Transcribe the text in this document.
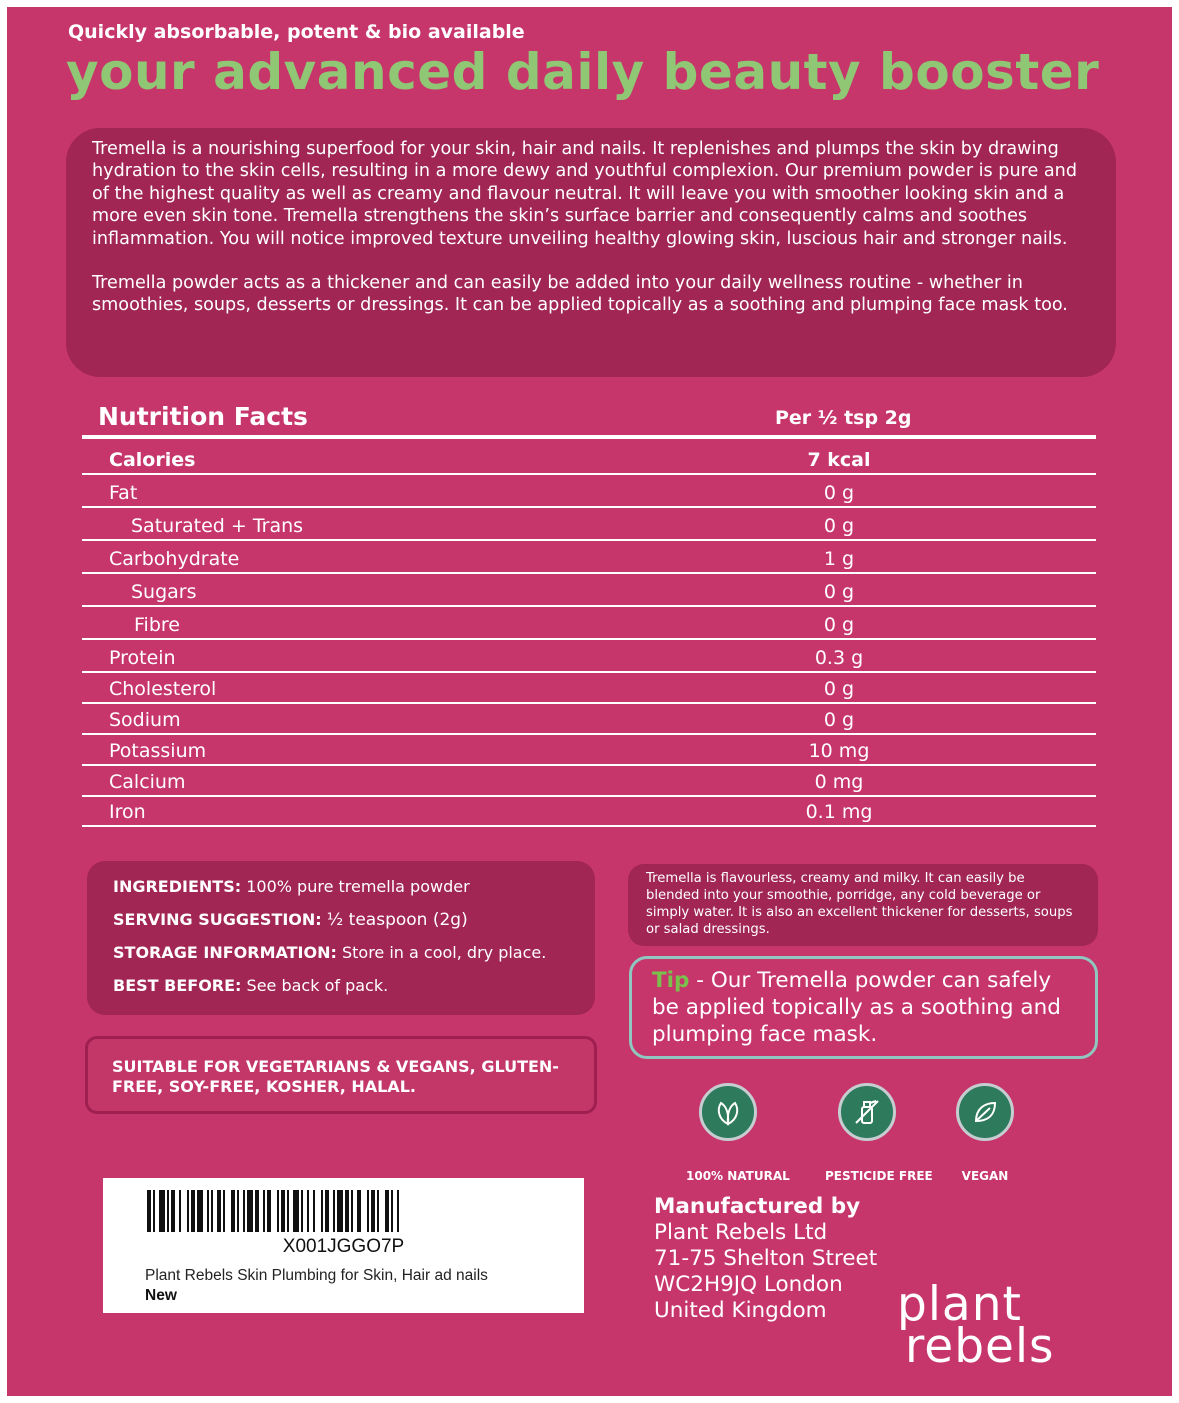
Quickly absorbable, potent & bio available
your advanced daily beauty booster

Tremella is a nourishing superfood for your skin, hair and nails. It replenishes and plumps the skin by drawing hydration to the skin cells, resulting in a more dewy and youthful complexion. Our premium powder is pure and of the highest quality as well as creamy and flavour neutral. It will leave you with smoother looking skin and a more even skin tone. Tremella strengthens the skin’s surface barrier and consequently calms and soothes inflammation. You will notice improved texture unveiling healthy glowing skin, luscious hair and stronger nails.

Tremella powder acts as a thickener and can easily be added into your daily wellness routine - whether in smoothies, soups, desserts or dressings. It can be applied topically as a soothing and plumping face mask too.

Nutrition Facts	Per ½ tsp 2g
Calories	7 kcal
Fat	0 g
Saturated + Trans	0 g
Carbohydrate	1 g
Sugars	0 g
Fibre	0 g
Protein	0.3 g
Cholesterol	0 g
Sodium	0 g
Potassium	10 mg
Calcium	0 mg
Iron	0.1 mg
INGREDIENTS: 100% pure tremella powder
SERVING SUGGESTION: ½ teaspoon (2g)
STORAGE INFORMATION: Store in a cool, dry place.
BEST BEFORE: See back of pack.
SUITABLE FOR VEGETARIANS & VEGANS, GLUTEN-FREE, SOY-FREE, KOSHER, HALAL.
Tremella is flavourless, creamy and milky. It can easily be blended into your smoothie, porridge, any cold beverage or simply water. It is also an excellent thickener for desserts, soups or salad dressings.
Tip - Our Tremella powder can safely be applied topically as a soothing and plumping face mask.
100% NATURAL	PESTICIDE FREE	VEGAN
X001JGGO7P
Plant Rebels Skin Plumbing for Skin, Hair ad nails
New
Manufactured by
Plant Rebels Ltd
71-75 Shelton Street
WC2H9JQ London
United Kingdom	plant
rebels
